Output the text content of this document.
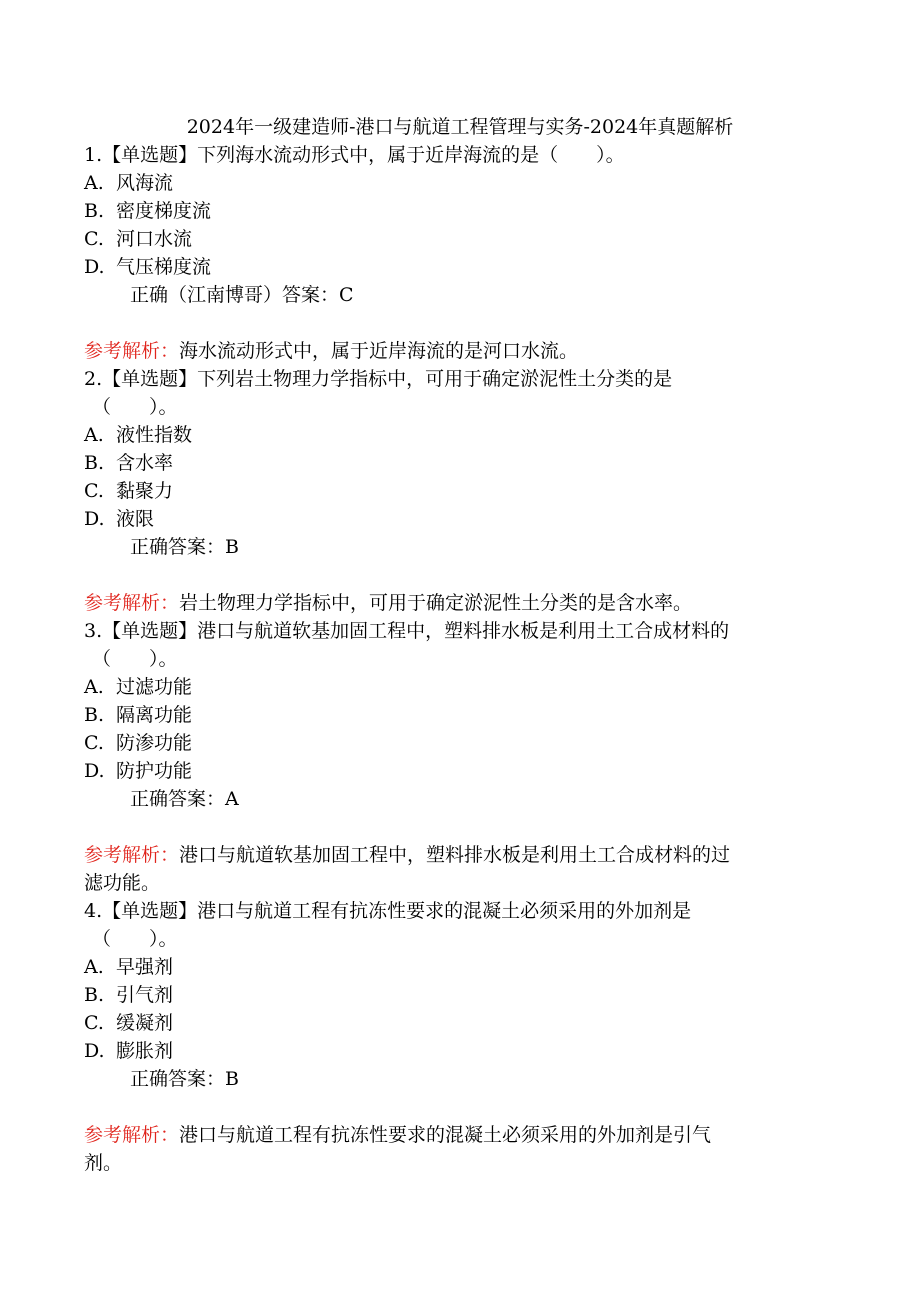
2024年一级建造师-港口与航道工程管理与实务-2024年真题解析
1.【单选题】下列海水流动形式中，属于近岸海流的是（　　）。
A. 风海流
B. 密度梯度流
C. 河口水流
D. 气压梯度流
正确（江南博哥）答案：C
参考解析：海水流动形式中，属于近岸海流的是河口水流。
2.【单选题】下列岩土物理力学指标中，可用于确定淤泥性土分类的是
（　　）。
A. 液性指数
B. 含水率
C. 黏聚力
D. 液限
正确答案：B
参考解析：岩土物理力学指标中，可用于确定淤泥性土分类的是含水率。
3.【单选题】港口与航道软基加固工程中，塑料排水板是利用土工合成材料的
（　　）。
A. 过滤功能
B. 隔离功能
C. 防渗功能
D. 防护功能
正确答案：A
参考解析：港口与航道软基加固工程中，塑料排水板是利用土工合成材料的过
滤功能。
4.【单选题】港口与航道工程有抗冻性要求的混凝土必须采用的外加剂是
（　　）。
A. 早强剂
B. 引气剂
C. 缓凝剂
D. 膨胀剂
正确答案：B
参考解析：港口与航道工程有抗冻性要求的混凝土必须采用的外加剂是引气
剂。
